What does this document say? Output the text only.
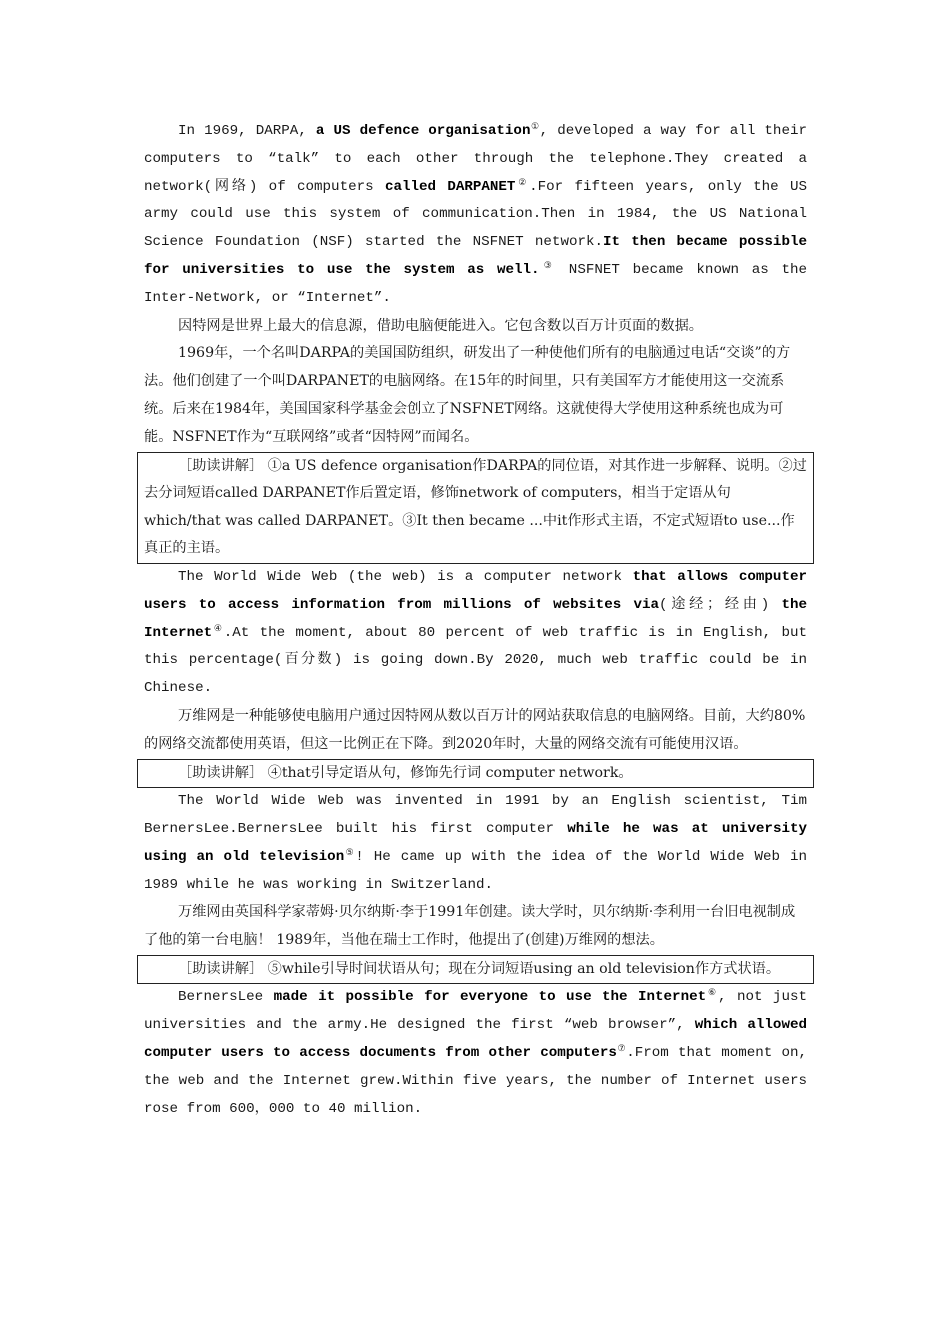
In 1969, DARPA, a US defence organisation①, developed a way for all their computers to “talk” to each other through the telephone.They created a network(网络) of computers called DARPANET②.For fifteen years, only the US army could use this system of communication.Then in 1984, the US National Science Foundation (NSF) started the NSFNET network.It then became possible for universities to use the system as well.③ NSFNET became known as the Inter-Network, or “Internet”.

因特网是世界上最大的信息源，借助电脑便能进入。它包含数以百万计页面的数据。

1969年，一个名叫DARPA的美国国防组织，研发出了一种使他们所有的电脑通过电话“交谈”的方法。他们创建了一个叫DARPANET的电脑网络。在15年的时间里，只有美国军方才能使用这一交流系统。后来在1984年，美国国家科学基金会创立了NSFNET网络。这就使得大学使用这种系统也成为可能。NSFNET作为“互联网络”或者“因特网”而闻名。

［助读讲解］ ①a US defence organisation作DARPA的同位语，对其作进一步解释、说明。②过去分词短语called DARPANET作后置定语，修饰network of computers，相当于定语从句which/that was called DARPANET。③It then became ...中it作形式主语，不定式短语to use...作真正的主语。

The World Wide Web (the web) is a computer network that allows computer users to access information from millions of websites via(途经；经由) the Internet④.At the moment, about 80 percent of web traffic is in English, but this percentage(百分数) is going down.By 2020, much web traffic could be in Chinese.

万维网是一种能够使电脑用户通过因特网从数以百万计的网站获取信息的电脑网络。目前，大约80%的网络交流都使用英语，但这一比例正在下降。到2020年时，大量的网络交流有可能使用汉语。

［助读讲解］ ④that引导定语从句，修饰先行词 computer network。

The World Wide Web was invented in 1991 by an English scientist, Tim BernersLee.BernersLee built his first computer while he was at university using an old television⑤! He came up with the idea of the World Wide Web in 1989 while he was working in Switzerland.

万维网由英国科学家蒂姆·贝尔纳斯·李于1991年创建。读大学时，贝尔纳斯·李利用一台旧电视制成了他的第一台电脑！ 1989年，当他在瑞士工作时，他提出了(创建)万维网的想法。

［助读讲解］ ⑤while引导时间状语从句；现在分词短语using an old television作方式状语。

BernersLee made it possible for everyone to use the Internet⑥, not just universities and the army.He designed the first “web browser”, which allowed computer users to access documents from other computers⑦.From that moment on, the web and the Internet grew.Within five years, the number of Internet users rose from 600，000 to 40 million.
